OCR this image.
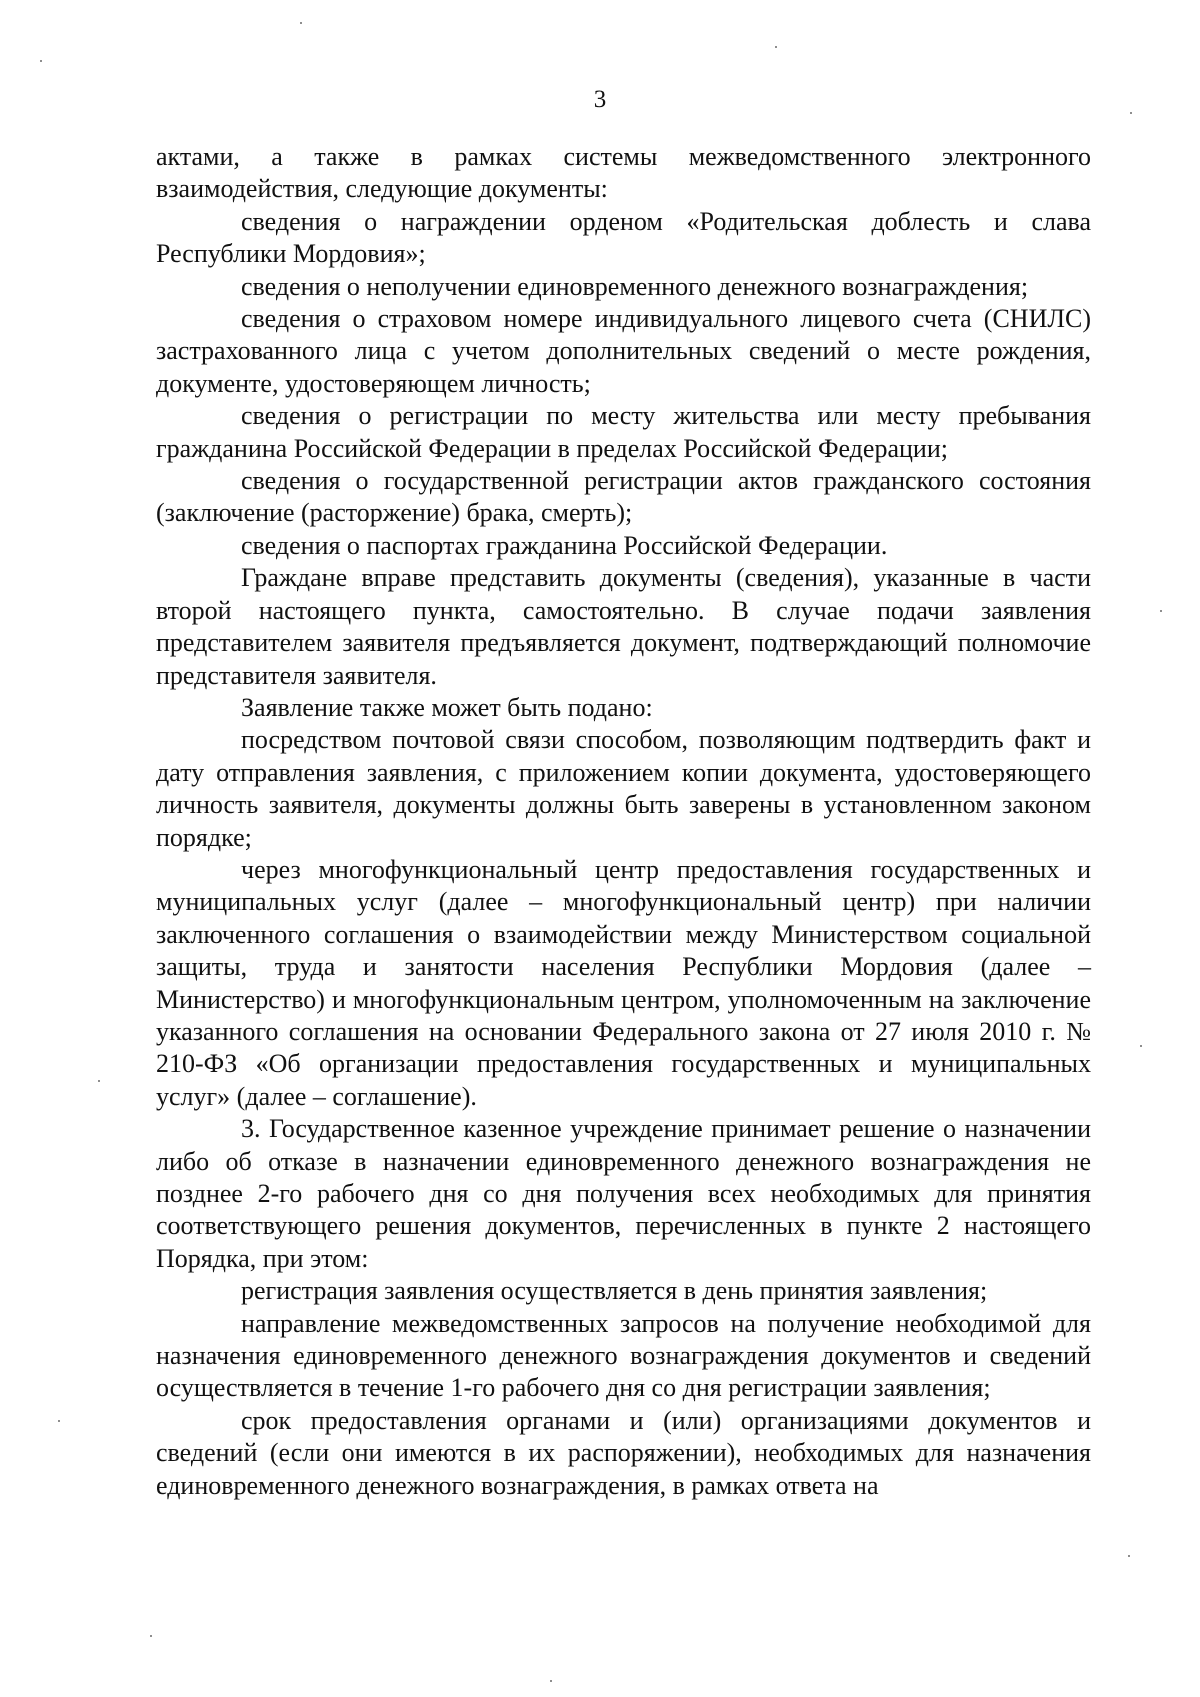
3

актами, а также в рамках системы межведомственного электронного взаимодействия, следующие документы:

сведения о награждении орденом «Родительская доблесть и слава Республики Мордовия»;

сведения о неполучении единовременного денежного вознаграждения;

сведения о страховом номере индивидуального лицевого счета (СНИЛС) застрахованного лица с учетом дополнительных сведений о месте рождения, документе, удостоверяющем личность;

сведения о регистрации по месту жительства или месту пребывания гражданина Российской Федерации в пределах Российской Федерации;

сведения о государственной регистрации актов гражданского состояния (заключение (расторжение) брака, смерть);

сведения о паспортах гражданина Российской Федерации.

Граждане вправе представить документы (сведения), указанные в части второй настоящего пункта, самостоятельно. В случае подачи заявления представителем заявителя предъявляется документ, подтверждающий полномочие представителя заявителя.

Заявление также может быть подано:

посредством почтовой связи способом, позволяющим подтвердить факт и дату отправления заявления, с приложением копии документа, удостоверяющего личность заявителя, документы должны быть заверены в установленном законом порядке;

через многофункциональный центр предоставления государственных и муниципальных услуг (далее – многофункциональный центр) при наличии заключенного соглашения о взаимодействии между Министерством социальной защиты, труда и занятости населения Республики Мордовия (далее – Министерство) и многофункциональным центром, уполномоченным на заключение указанного соглашения на основании Федерального закона от 27 июля 2010 г. № 210-ФЗ «Об организации предоставления государственных и муниципальных услуг» (далее – соглашение).

3. Государственное казенное учреждение принимает решение о назначении либо об отказе в назначении единовременного денежного вознаграждения не позднее 2-го рабочего дня со дня получения всех необходимых для принятия соответствующего решения документов, перечисленных в пункте 2 настоящего Порядка, при этом:

регистрация заявления осуществляется в день принятия заявления;

направление межведомственных запросов на получение необходимой для назначения единовременного денежного вознаграждения документов и сведений осуществляется в течение 1-го рабочего дня со дня регистрации заявления;

срок предоставления органами и (или) организациями документов и сведений (если они имеются в их распоряжении), необходимых для назначения единовременного денежного вознаграждения, в рамках ответа на
